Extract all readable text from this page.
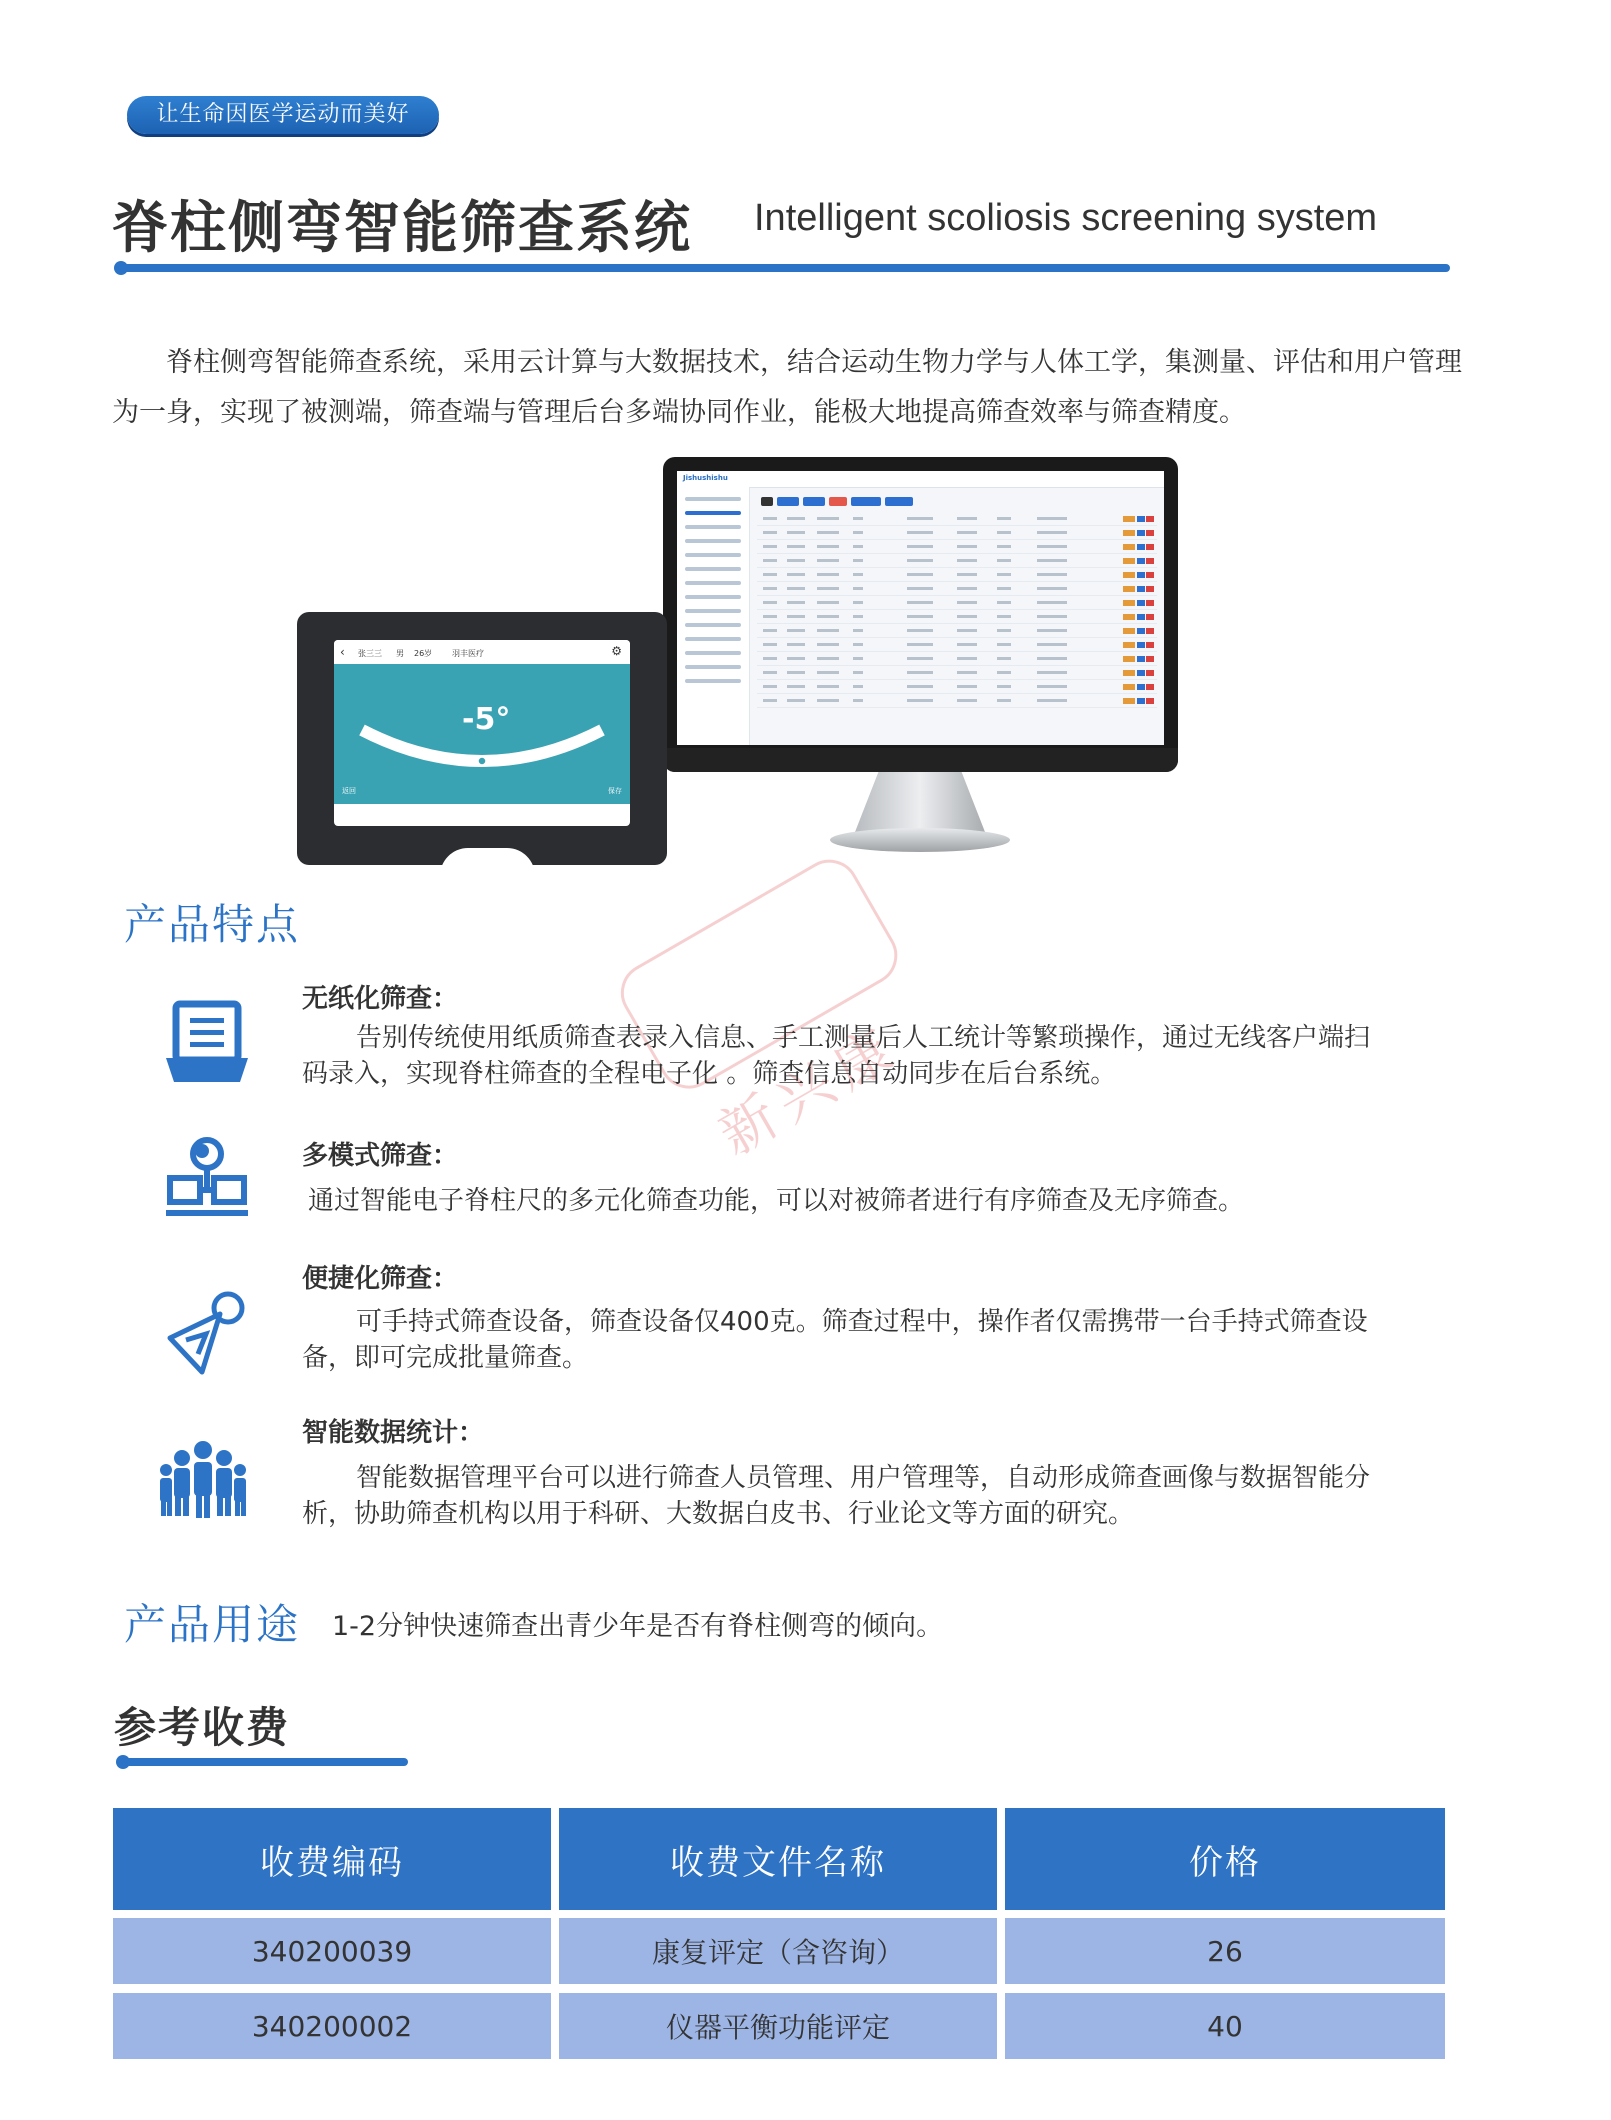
让生命因医学运动而美好
脊柱侧弯智能筛查系统 Intelligent scoliosis screening system

脊柱侧弯智能筛查系统，采用云计算与大数据技术，结合运动生物力学与人体工学，集测量、评估和用户管理为一身，实现了被测端，筛查端与管理后台多端协同作业，能极大地提高筛查效率与筛查精度。

Jishushishu
‹ 张三三 男 26岁 羽丰医疗	⚙
-5°
返回	保存
产品特点
新兴康
无纸化筛查：
告别传统使用纸质筛查表录入信息、手工测量后人工统计等繁琐操作，通过无线客户端扫码录入，实现脊柱筛查的全程电子化 。筛查信息自动同步在后台系统。
多模式筛查：
通过智能电子脊柱尺的多元化筛查功能，可以对被筛者进行有序筛查及无序筛查。
便捷化筛查：
可手持式筛查设备，筛查设备仅400克。筛查过程中，操作者仅需携带一台手持式筛查设备，即可完成批量筛查。
智能数据统计：
智能数据管理平台可以进行筛查人员管理、用户管理等，自动形成筛查画像与数据智能分析，协助筛查机构以用于科研、大数据白皮书、行业论文等方面的研究。
产品用途 1-2分钟快速筛查出青少年是否有脊柱侧弯的倾向。
参考收费
收费编码	收费文件名称	价格
340200039	康复评定（含咨询）	26
340200002	仪器平衡功能评定	40
